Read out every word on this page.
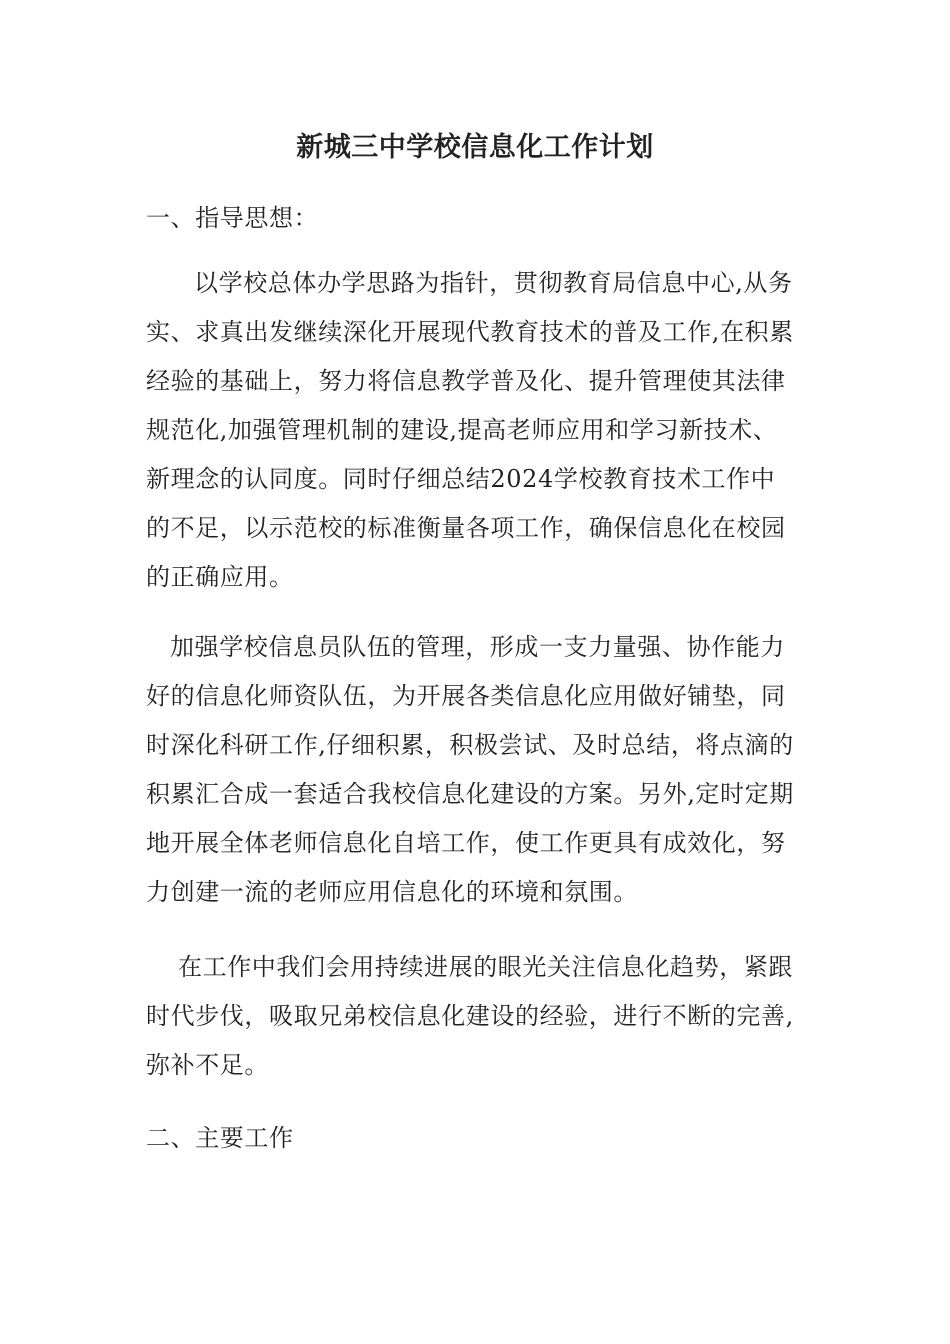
新城三中学校信息化工作计划

一、指导思想：

以学校总体办学思路为指针，贯彻教育局信息中心,从务实、求真出发继续深化开展现代教育技术的普及工作,在积累经验的基础上，努力将信息教学普及化、提升管理使其法律规范化,加强管理机制的建设,提高老师应用和学习新技术、新理念的认同度。同时仔细总结2024学校教育技术工作中的不足，以示范校的标准衡量各项工作，确保信息化在校园的正确应用。

加强学校信息员队伍的管理，形成一支力量强、协作能力好的信息化师资队伍，为开展各类信息化应用做好铺垫，同时深化科研工作,仔细积累，积极尝试、及时总结，将点滴的积累汇合成一套适合我校信息化建设的方案。另外,定时定期地开展全体老师信息化自培工作，使工作更具有成效化，努力创建一流的老师应用信息化的环境和氛围。

在工作中我们会用持续进展的眼光关注信息化趋势，紧跟时代步伐，吸取兄弟校信息化建设的经验，进行不断的完善,弥补不足。

二、主要工作
